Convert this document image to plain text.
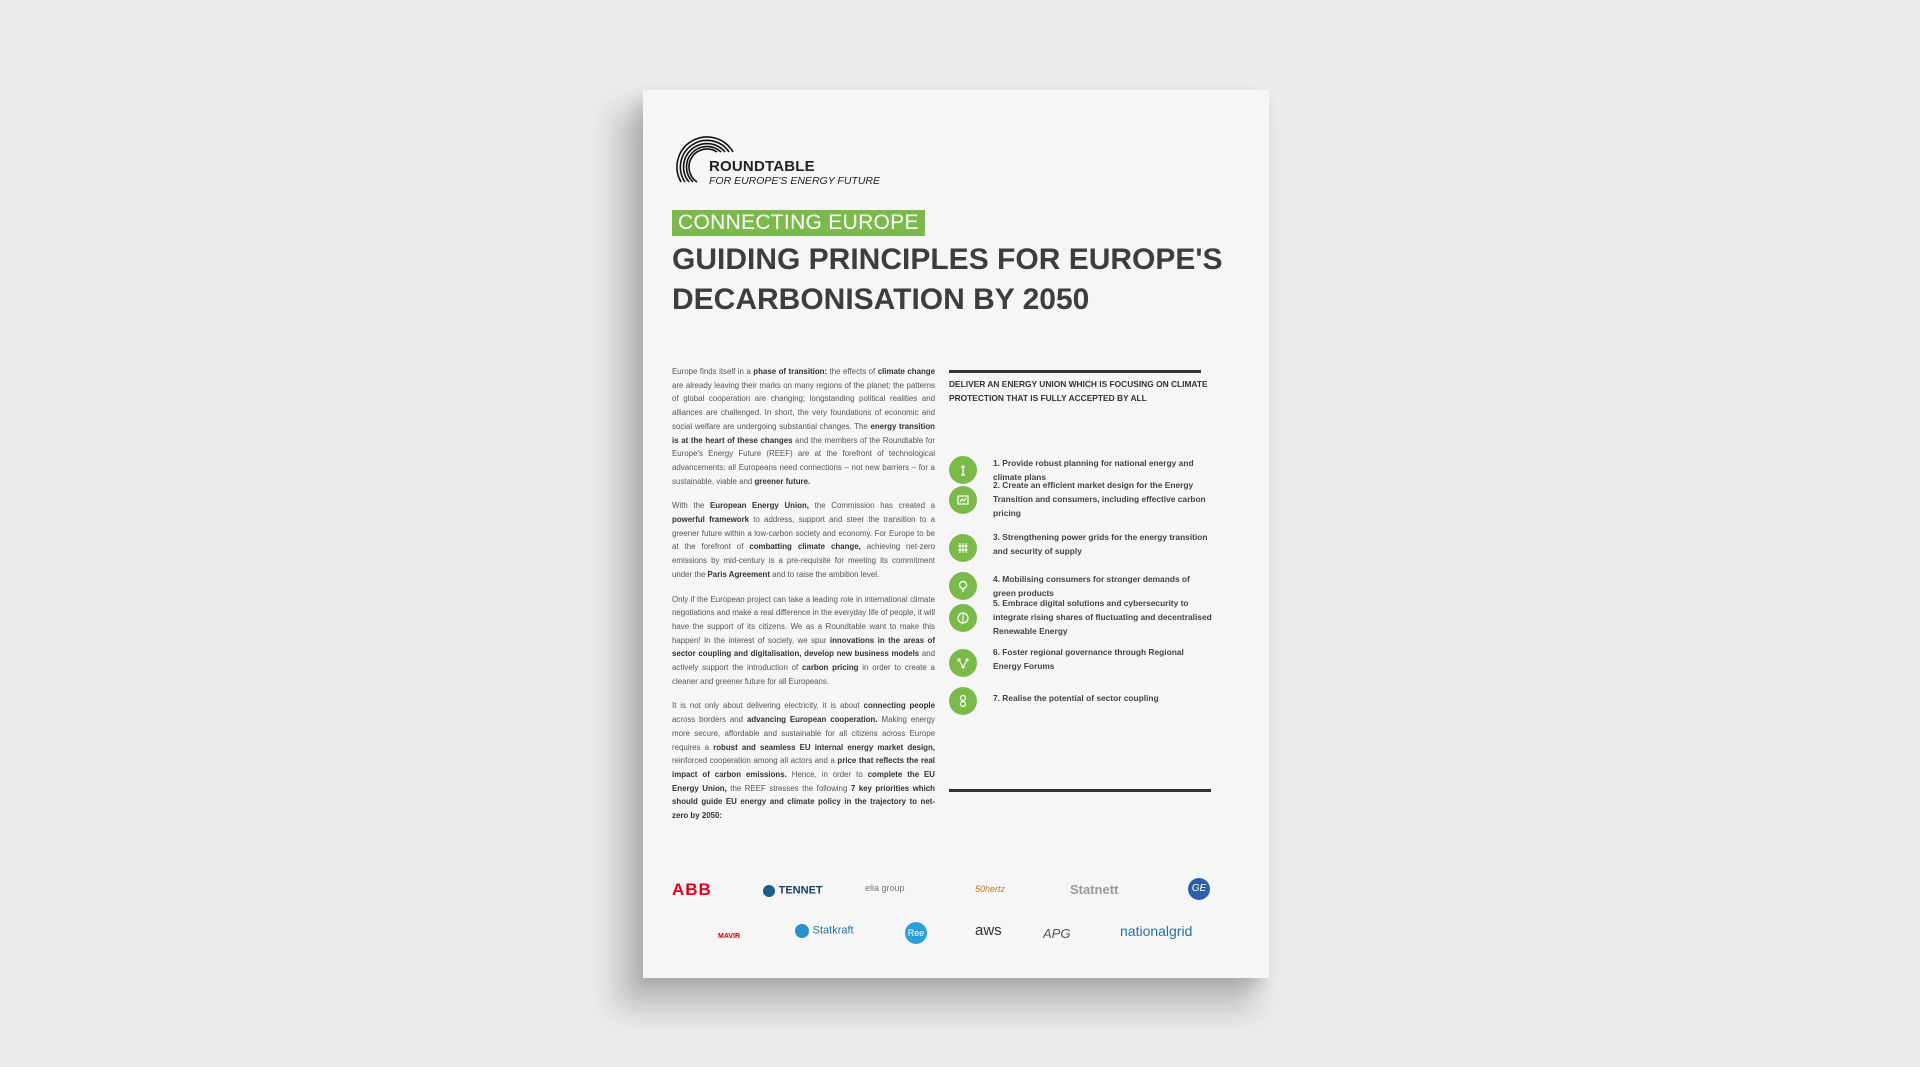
ROUNDTABLE
FOR EUROPE'S ENERGY FUTURE
CONNECTING EUROPE
GUIDING PRINCIPLES FOR EUROPE'S
DECARBONISATION BY 2050

Europe finds itself in a phase of transition: the effects of climate change are already leaving their marks on many regions of the planet; the patterns of global cooperation are changing; longstanding political realities and alliances are challenged. In short, the very foundations of economic and social welfare are undergoing substantial changes. The energy transition is at the heart of these changes and the members of the Roundtable for Europe's Energy Future (REEF) are at the forefront of technological advancements: all Europeans need connections – not new barriers – for a sustainable, viable and greener future.

With the European Energy Union, the Commission has created a powerful framework to address, support and steer the transition to a greener future within a low-carbon society and economy. For Europe to be at the forefront of combatting climate change, achieving net-zero emissions by mid-century is a pre-requisite for meeting its commitment under the Paris Agreement and to raise the ambition level.

Only if the European project can take a leading role in international climate negotiations and make a real difference in the everyday life of people, it will have the support of its citizens. We as a Roundtable want to make this happen! In the interest of society, we spur innovations in the areas of sector coupling and digitalisation, develop new business models and actively support the introduction of carbon pricing in order to create a cleaner and greener future for all Europeans.

It is not only about delivering electricity, it is about connecting people across borders and advancing European cooperation. Making energy more secure, affordable and sustainable for all citizens across Europe requires a robust and seamless EU internal energy market design, reinforced cooperation among all actors and a price that reflects the real impact of carbon emissions. Hence, in order to complete the EU Energy Union, the REEF stresses the following 7 key priorities which should guide EU energy and climate policy in the trajectory to net-zero by 2050:

DELIVER AN ENERGY UNION WHICH IS FOCUSING ON CLIMATE PROTECTION THAT IS FULLY ACCEPTED BY ALL
1. Provide robust planning for national energy and climate plans
2. Create an efficient market design for the Energy Transition and consumers, including effective carbon pricing
3. Strengthening power grids for the energy transition and security of supply
4. Mobilising consumers for stronger demands of green products
5. Embrace digital solutions and cybersecurity to integrate rising shares of fluctuating and decentralised Renewable Energy
6. Foster regional governance through Regional Energy Forums
7. Realise the potential of sector coupling
ABB	TENNET	elia group	50hertz	Statnett	GE
MAVIR	Statkraft	Ree	aws	APG	nationalgrid
